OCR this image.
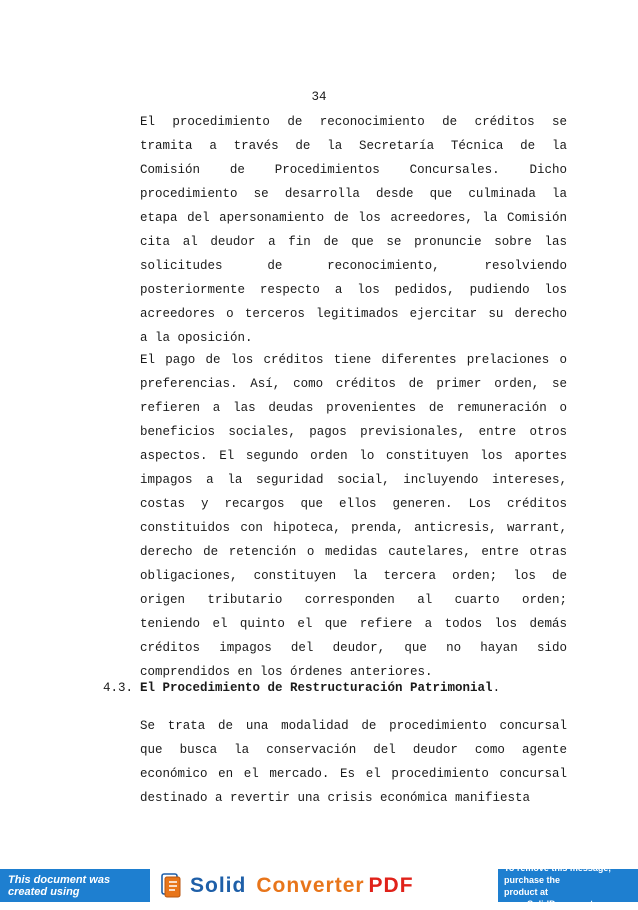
34
El procedimiento de reconocimiento de créditos se
tramita a través de la Secretaría Técnica de la
Comisión de Procedimientos Concursales. Dicho
procedimiento se desarrolla desde que culminada la
etapa del apersonamiento de los acreedores, la Comisión
cita al deudor a fin de que se pronuncie sobre las
solicitudes de reconocimiento, resolviendo
posteriormente respecto a los pedidos, pudiendo los
acreedores o terceros legitimados ejercitar su derecho
a la oposición.
El pago de los créditos tiene diferentes prelaciones o
preferencias. Así, como créditos de primer orden, se
refieren a las deudas provenientes de remuneración o
beneficios sociales, pagos previsionales, entre otros
aspectos. El segundo orden lo constituyen los aportes
impagos a la seguridad social, incluyendo intereses,
costas y recargos que ellos generen. Los créditos
constituidos con hipoteca, prenda, anticresis, warrant,
derecho de retención o medidas cautelares, entre otras
obligaciones, constituyen la tercera orden; los de
origen tributario corresponden al cuarto orden;
teniendo el quinto el que refiere a todos los demás
créditos impagos del deudor, que no hayan sido
comprendidos en los órdenes anteriores.
4.3. El Procedimiento de Restructuración Patrimonial.
Se trata de una modalidad de procedimiento concursal
que busca la conservación del deudor como agente
económico en el mercado. Es el procedimiento concursal
destinado a revertir una crisis económica manifiesta
This document was created using	Solid Converter PDF
To remove this message, purchase the
product at www.SolidDocuments.com
